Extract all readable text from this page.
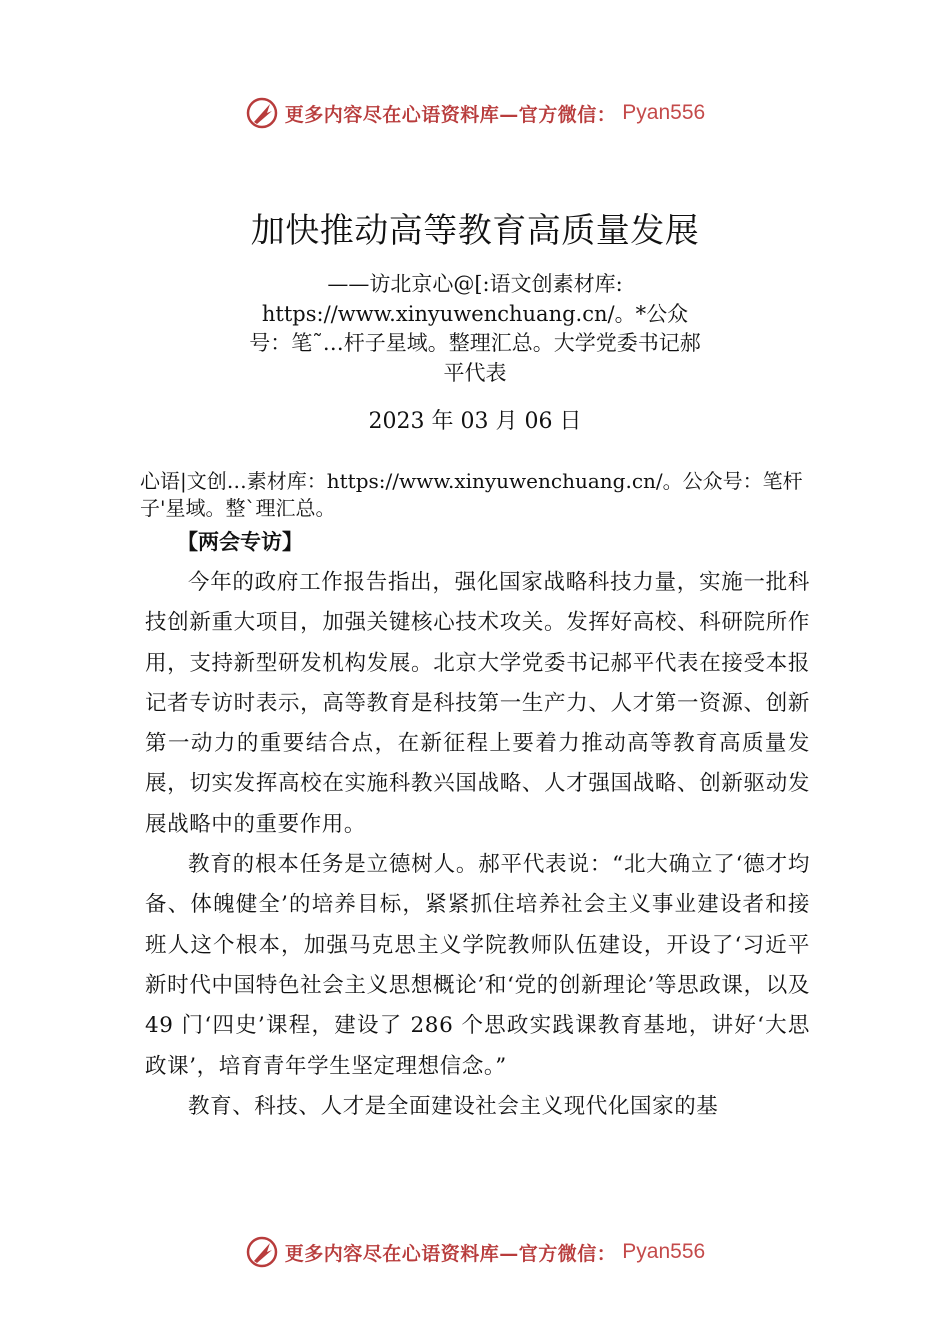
更多内容尽在心语资料库—官方微信： Pyan556
加快推动高等教育高质量发展
——访北京心@[:语文创素材库: https://www.xinyuwenchuang.cn/。*公众号：笔˜…杆子星域。整理汇总。大学党委书记郝平代表
2023 年 03 月 06 日
心语|文创…素材库：https://www.xinyuwenchuang.cn/。公众号：笔杆子'星域。整`理汇总。
【两会专访】

今年的政府工作报告指出，强化国家战略科技力量，实施一批科技创新重大项目，加强关键核心技术攻关。发挥好高校、科研院所作用，支持新型研发机构发展。北京大学党委书记郝平代表在接受本报记者专访时表示，高等教育是科技第一生产力、人才第一资源、创新第一动力的重要结合点，在新征程上要着力推动高等教育高质量发展，切实发挥高校在实施科教兴国战略、人才强国战略、创新驱动发展战略中的重要作用。

教育的根本任务是立德树人。郝平代表说：“北大确立了‘德才均备、体魄健全’的培养目标，紧紧抓住培养社会主义事业建设者和接班人这个根本，加强马克思主义学院教师队伍建设，开设了‘习近平新时代中国特色社会主义思想概论’和‘党的创新理论’等思政课，以及 49 门‘四史’课程，建设了 286 个思政实践课教育基地，讲好‘大思政课’，培育青年学生坚定理想信念。”

教育、科技、人才是全面建设社会主义现代化国家的基

更多内容尽在心语资料库—官方微信： Pyan556
